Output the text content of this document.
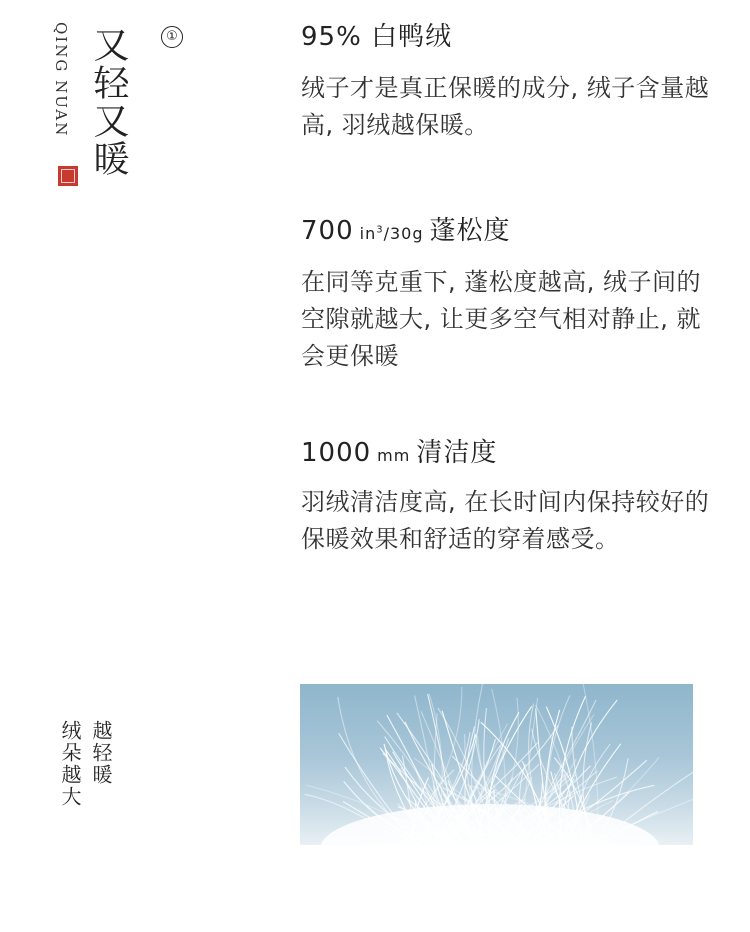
QING NUAN 又轻又暖	①	95% 白鸭绒
绒子才是真正保暖的成分, 绒子含量越高, 羽绒越保暖。
700 $in^3/30g$ 蓬松度
在同等克重下, 蓬松度越高, 绒子间的空隙就越大, 让更多空气相对静止, 就会更保暖
1000 mm 清洁度
羽绒清洁度高, 在长时间内保持较好的保暖效果和舒适的穿着感受。
越轻暖
绒朵越大
